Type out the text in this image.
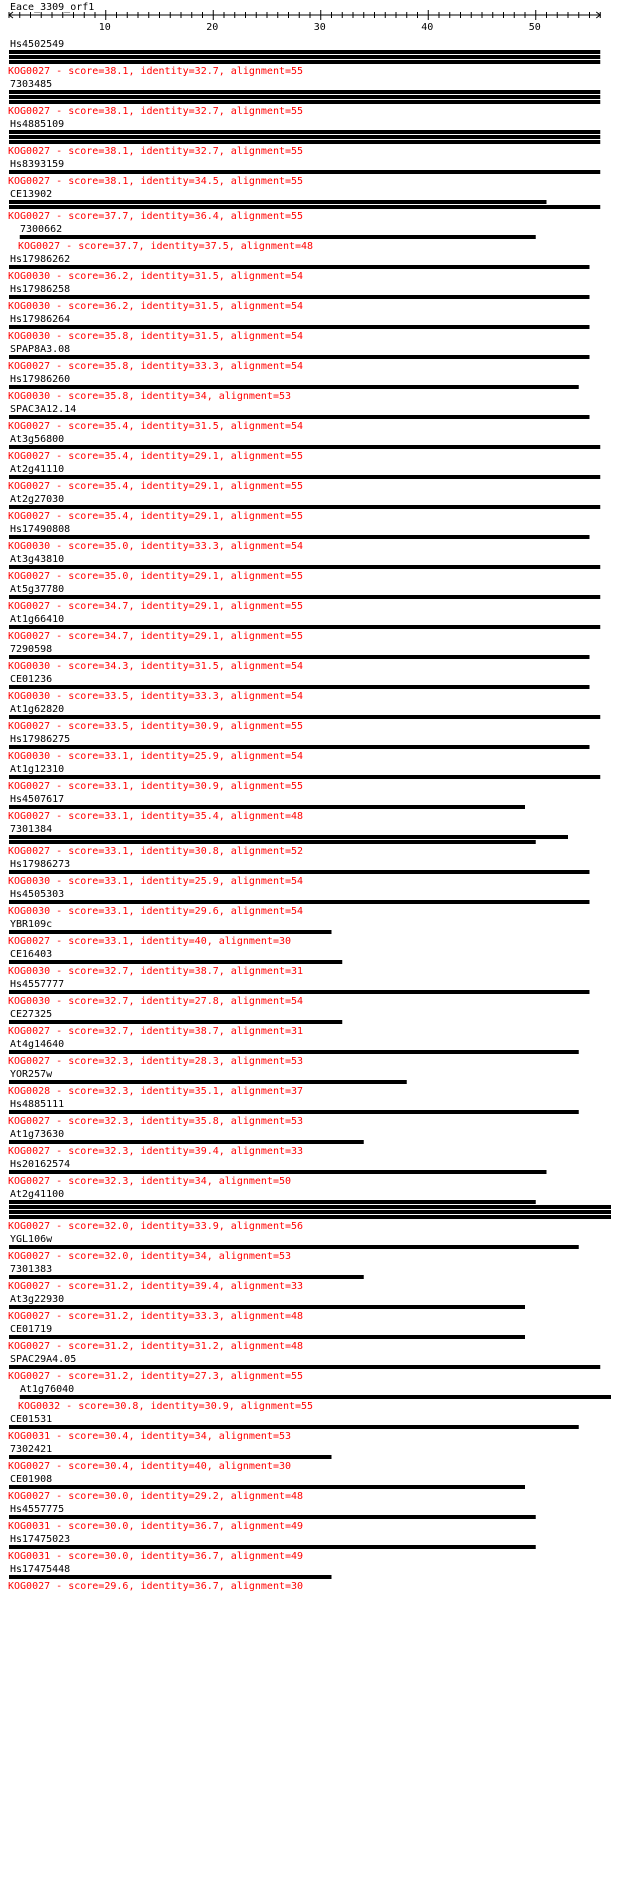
Eace_3309_orf1
10	20	30	40	50
Hs4502549
KOG0027 - score=38.1, identity=32.7, alignment=55
7303485
KOG0027 - score=38.1, identity=32.7, alignment=55
Hs4885109
KOG0027 - score=38.1, identity=32.7, alignment=55
Hs8393159
KOG0027 - score=38.1, identity=34.5, alignment=55
CE13902
KOG0027 - score=37.7, identity=36.4, alignment=55
7300662
KOG0027 - score=37.7, identity=37.5, alignment=48
Hs17986262
KOG0030 - score=36.2, identity=31.5, alignment=54
Hs17986258
KOG0030 - score=36.2, identity=31.5, alignment=54
Hs17986264
KOG0030 - score=35.8, identity=31.5, alignment=54
SPAP8A3.08
KOG0027 - score=35.8, identity=33.3, alignment=54
Hs17986260
KOG0030 - score=35.8, identity=34, alignment=53
SPAC3A12.14
KOG0027 - score=35.4, identity=31.5, alignment=54
At3g56800
KOG0027 - score=35.4, identity=29.1, alignment=55
At2g41110
KOG0027 - score=35.4, identity=29.1, alignment=55
At2g27030
KOG0027 - score=35.4, identity=29.1, alignment=55
Hs17490808
KOG0030 - score=35.0, identity=33.3, alignment=54
At3g43810
KOG0027 - score=35.0, identity=29.1, alignment=55
At5g37780
KOG0027 - score=34.7, identity=29.1, alignment=55
At1g66410
KOG0027 - score=34.7, identity=29.1, alignment=55
7290598
KOG0030 - score=34.3, identity=31.5, alignment=54
CE01236
KOG0030 - score=33.5, identity=33.3, alignment=54
At1g62820
KOG0027 - score=33.5, identity=30.9, alignment=55
Hs17986275
KOG0030 - score=33.1, identity=25.9, alignment=54
At1g12310
KOG0027 - score=33.1, identity=30.9, alignment=55
Hs4507617
KOG0027 - score=33.1, identity=35.4, alignment=48
7301384
KOG0027 - score=33.1, identity=30.8, alignment=52
Hs17986273
KOG0030 - score=33.1, identity=25.9, alignment=54
Hs4505303
KOG0030 - score=33.1, identity=29.6, alignment=54
YBR109c
KOG0027 - score=33.1, identity=40, alignment=30
CE16403
KOG0030 - score=32.7, identity=38.7, alignment=31
Hs4557777
KOG0030 - score=32.7, identity=27.8, alignment=54
CE27325
KOG0027 - score=32.7, identity=38.7, alignment=31
At4g14640
KOG0027 - score=32.3, identity=28.3, alignment=53
YOR257w
KOG0028 - score=32.3, identity=35.1, alignment=37
Hs4885111
KOG0027 - score=32.3, identity=35.8, alignment=53
At1g73630
KOG0027 - score=32.3, identity=39.4, alignment=33
Hs20162574
KOG0027 - score=32.3, identity=34, alignment=50
At2g41100
KOG0027 - score=32.0, identity=33.9, alignment=56
YGL106w
KOG0027 - score=32.0, identity=34, alignment=53
7301383
KOG0027 - score=31.2, identity=39.4, alignment=33
At3g22930
KOG0027 - score=31.2, identity=33.3, alignment=48
CE01719
KOG0027 - score=31.2, identity=31.2, alignment=48
SPAC29A4.05
KOG0027 - score=31.2, identity=27.3, alignment=55
At1g76040
KOG0032 - score=30.8, identity=30.9, alignment=55
CE01531
KOG0031 - score=30.4, identity=34, alignment=53
7302421
KOG0027 - score=30.4, identity=40, alignment=30
CE01908
KOG0027 - score=30.0, identity=29.2, alignment=48
Hs4557775
KOG0031 - score=30.0, identity=36.7, alignment=49
Hs17475023
KOG0031 - score=30.0, identity=36.7, alignment=49
Hs17475448
KOG0027 - score=29.6, identity=36.7, alignment=30
